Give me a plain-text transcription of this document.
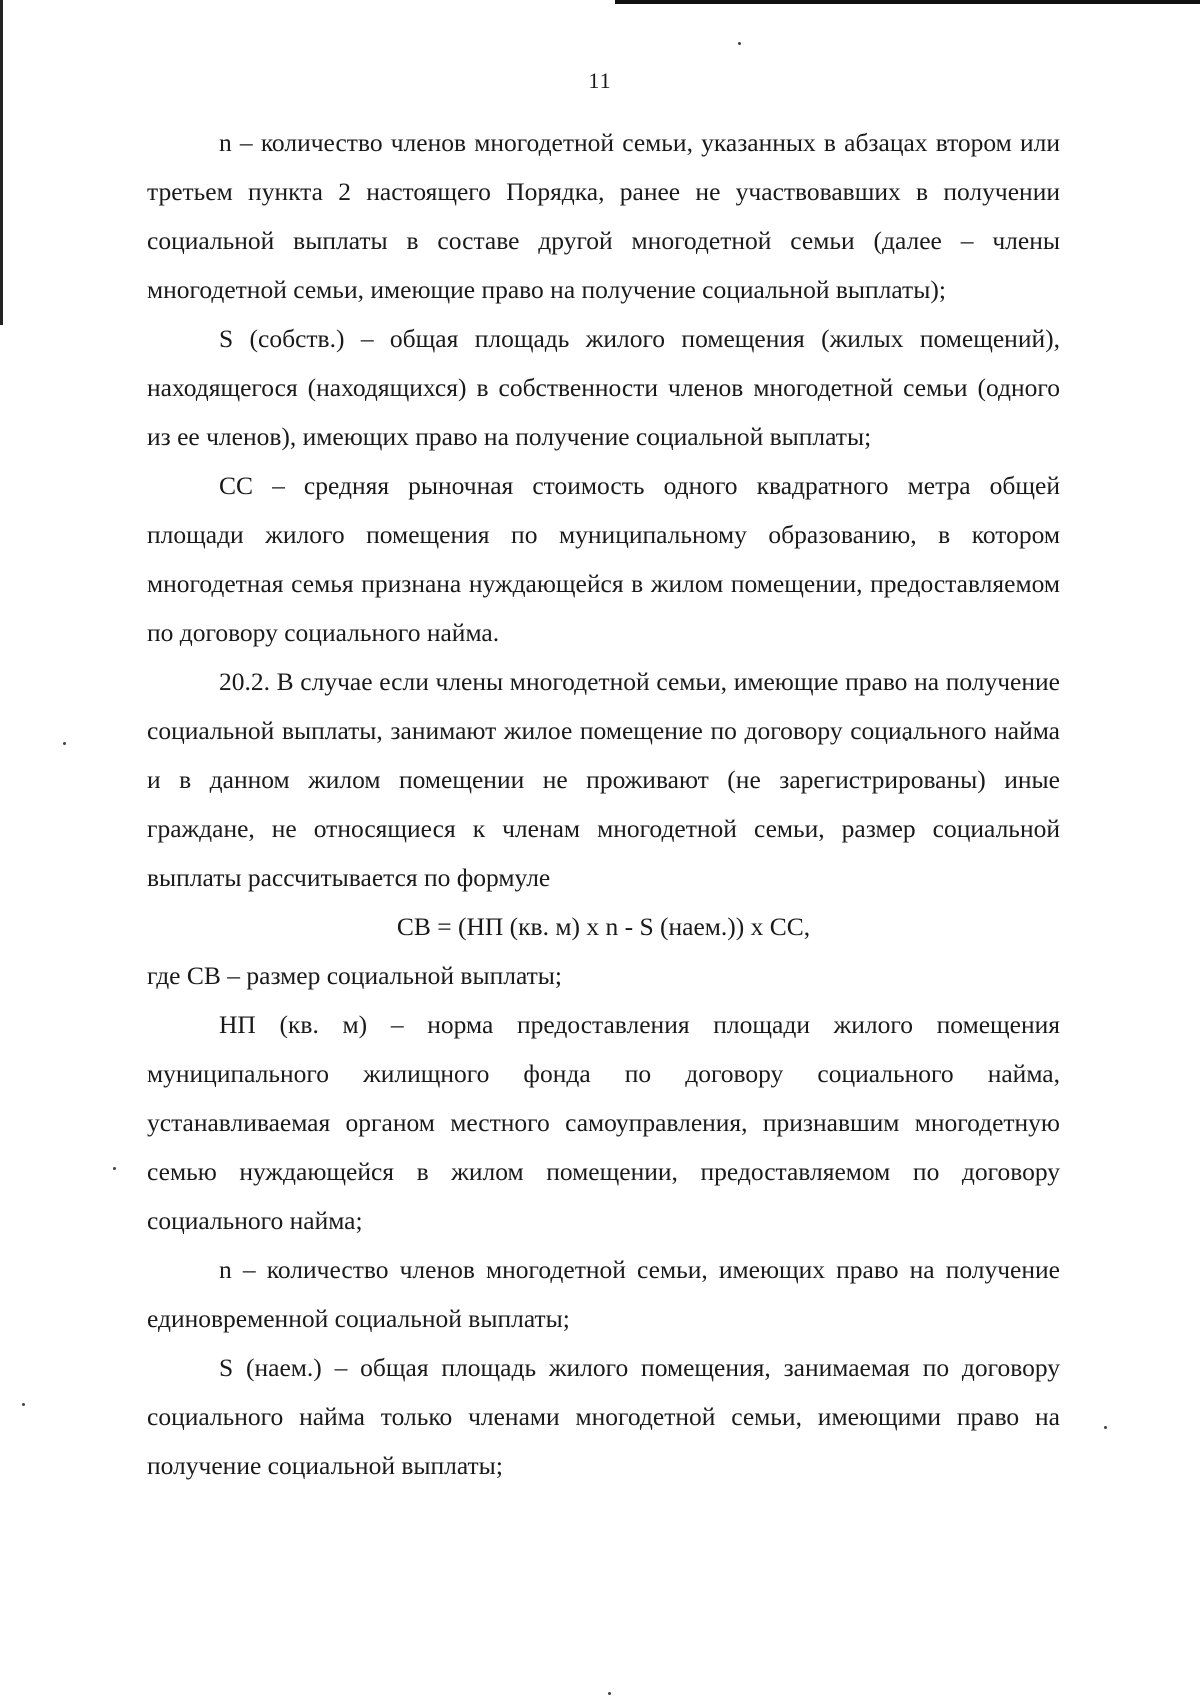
11

n – количество членов многодетной семьи, указанных в абзацах втором или третьем пункта 2 настоящего Порядка, ранее не участвовавших в получении социальной выплаты в составе другой многодетной семьи (далее – члены многодетной семьи, имеющие право на получение социальной выплаты);

S (собств.) – общая площадь жилого помещения (жилых помещений), находящегося (находящихся) в собственности членов многодетной семьи (одного из ее членов), имеющих право на получение социальной выплаты;

СС – средняя рыночная стоимость одного квадратного метра общей площади жилого помещения по муниципальному образованию, в котором многодетная семья признана нуждающейся в жилом помещении, предоставляемом по договору социального найма.

20.2. В случае если члены многодетной семьи, имеющие право на получение социальной выплаты, занимают жилое помещение по договору социального найма и в данном жилом помещении не проживают (не зарегистрированы) иные граждане, не относящиеся к членам многодетной семьи, размер социальной выплаты рассчитывается по формуле

СВ = (НП (кв. м) x n - S (наем.)) x СС,

где СВ – размер социальной выплаты;

НП (кв. м) – норма предоставления площади жилого помещения муниципального жилищного фонда по договору социального найма, устанавливаемая органом местного самоуправления, признавшим многодетную семью нуждающейся в жилом помещении, предоставляемом по договору социального найма;

n – количество членов многодетной семьи, имеющих право на получение единовременной социальной выплаты;

S (наем.) – общая площадь жилого помещения, занимаемая по договору социального найма только членами многодетной семьи, имеющими право на получение социальной выплаты;
